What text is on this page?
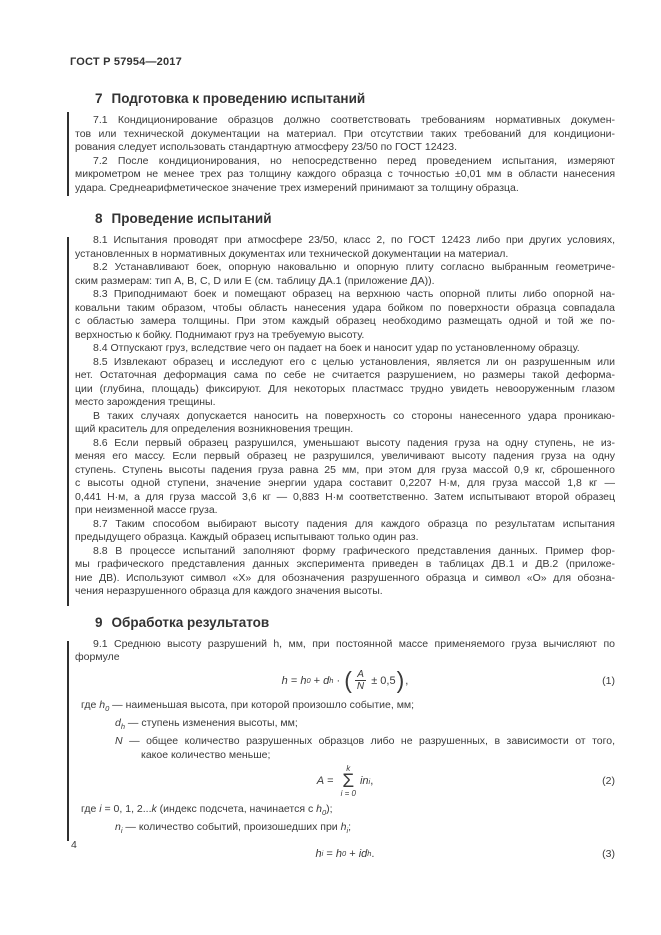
ГОСТ Р 57954—2017
7 Подготовка к проведению испытаний
7.1 Кондиционирование образцов должно соответствовать требованиям нормативных докумен-
тов или технической документации на материал. При отсутствии таких требований для кондициони-
рования следует использовать стандартную атмосферу 23/50 по ГОСТ 12423.
7.2 После кондиционирования, но непосредственно перед проведением испытания, измеряют
микрометром не менее трех раз толщину каждого образца с точностью ±0,01 мм в области нанесения
удара. Среднеарифметическое значение трех измерений принимают за толщину образца.
8 Проведение испытаний
8.1 Испытания проводят при атмосфере 23/50, класс 2, по ГОСТ 12423 либо при других условиях,
установленных в нормативных документах или технической документации на материал.
8.2 Устанавливают боек, опорную наковальню и опорную плиту согласно выбранным геометриче-
ским размерам: тип A, B, C, D или E (см. таблицу ДА.1 (приложение ДА)).
8.3 Приподнимают боек и помещают образец на верхнюю часть опорной плиты либо опорной на-
ковальни таким образом, чтобы область нанесения удара бойком по поверхности образца совпадала
с областью замера толщины. При этом каждый образец необходимо размещать одной и той же по-
верхностью к бойку. Поднимают груз на требуемую высоту.
8.4 Отпускают груз, вследствие чего он падает на боек и наносит удар по установленному образцу.
8.5 Извлекают образец и исследуют его с целью установления, является ли он разрушенным или
нет. Остаточная деформация сама по себе не считается разрушением, но размеры такой деформа-
ции (глубина, площадь) фиксируют. Для некоторых пластмасс трудно увидеть невооруженным глазом
место зарождения трещины.
В таких случаях допускается наносить на поверхность со стороны нанесенного удара проникаю-
щий краситель для определения возникновения трещин.
8.6 Если первый образец разрушился, уменьшают высоту падения груза на одну ступень, не из-
меняя его массу. Если первый образец не разрушился, увеличивают высоту падения груза на одну
ступень. Ступень высоты падения груза равна 25 мм, при этом для груза массой 0,9 кг, сброшенного
с высоты одной ступени, значение энергии удара составит 0,2207 Н·м, для груза массой 1,8 кг —
0,441 Н·м, а для груза массой 3,6 кг — 0,883 Н·м соответственно. Затем испытывают второй образец
при неизменной массе груза.
8.7 Таким способом выбирают высоту падения для каждого образца по результатам испытания
предыдущего образца. Каждый образец испытывают только один раз.
8.8 В процессе испытаний заполняют форму графического представления данных. Пример фор-
мы графического представления данных эксперимента приведен в таблицах ДВ.1 и ДВ.2 (приложе-
ние ДВ). Используют символ «X» для обозначения разрушенного образца и символ «О» для обозна-
чения неразрушенного образца для каждого значения высоты.
9 Обработка результатов
9.1 Среднюю высоту разрушений h, мм, при постоянной массе применяемого груза вычисляют по
формуле
h = h 0 + d h · ( $\frac{A}{N} \pm 0,5$ ) ,	(1)
где $h_0$ — наименьшая высота, при которой произошло событие, мм;
$d_h$ — ступень изменения высоты, мм;
N — общее количество разрушенных образцов либо не разрушенных, в зависимости от того,
какое количество меньше;
A =
k
Σ
i = 0
i n i ,	(2)
где i = 0, 1, 2...k (индекс подсчета, начинается с $h_0$);
$n_i$ — количество событий, произошедших при $h_i$;
h i = h 0 + id h .	(3)
4
